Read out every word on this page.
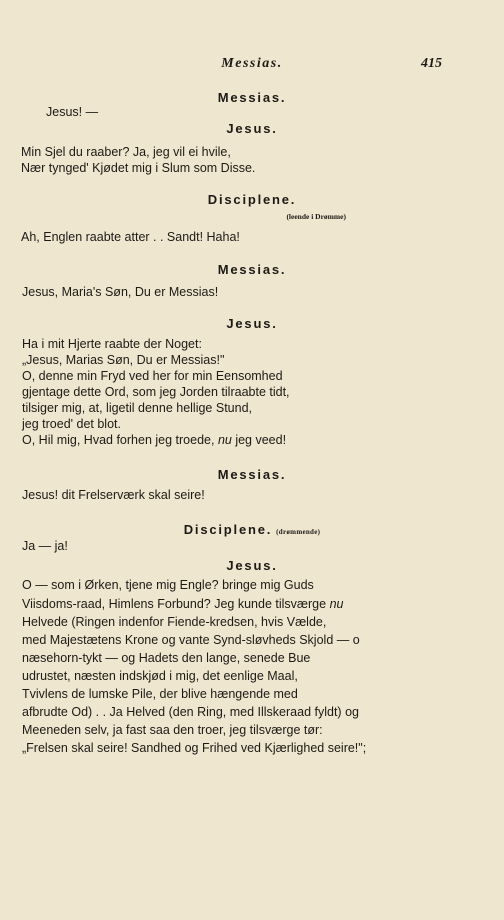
Messias.	415
Messias.
Jesus! —
Jesus.
Min Sjel du raaber? Ja, jeg vil ei hvile,
Nær tynged' Kjødet mig i Slum som Disse.
Disciplene.
(leende i Drømme)
Ah, Englen raabte atter . . Sandt! Haha!
Messias.
Jesus, Maria's Søn, Du er Messias!
Jesus.
Ha i mit Hjerte raabte der Noget:
„Jesus, Marias Søn, Du er Messias!"
O, denne min Fryd ved her for min Eensomhed
gjentage dette Ord, som jeg Jorden tilraabte tidt,
tilsiger mig, at, ligetil denne hellige Stund,
jeg troed' det blot.
O, Hil mig, Hvad forhen jeg troede, nu jeg veed!
Messias.
Jesus! dit Frelserværk skal seire!
Disciplene. (drømmende)
Ja — ja!
Jesus.
O — som i Ørken, tjene mig Engle? bringe mig Guds
Viisdoms-raad, Himlens Forbund? Jeg kunde tilsværge nu
Helvede (Ringen indenfor Fiende-kredsen, hvis Vælde,
med Majestætens Krone og vante Synd-sløvheds Skjold — o
næsehorn-tykt — og Hadets den lange, senede Bue
udrustet, næsten indskjød i mig, det eenlige Maal,
Tvivlens de lumske Pile, der blive hængende med
afbrudte Od) . . Ja Helved (den Ring, med Illskeraad fyldt) og
Meeneden selv, ja fast saa den troer, jeg tilsværge tør:
„Frelsen skal seire! Sandhed og Frihed ved Kjærlighed seire!";
